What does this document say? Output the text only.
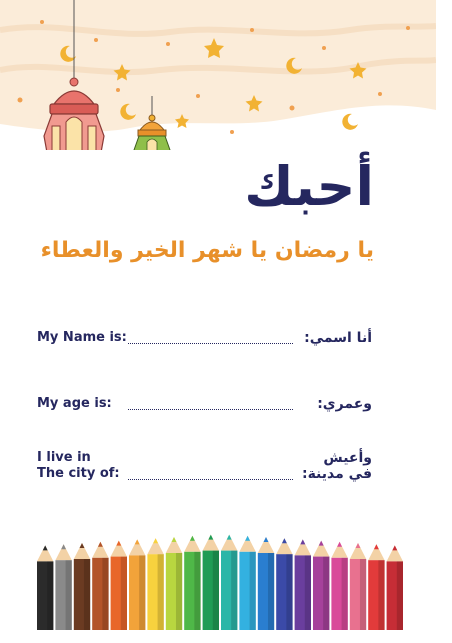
أحبك
يا رمضان يا شهر الخير والعطاء
My Name is:	أنا اسمي:
My age is:	وعمري:
I live in
The city of:
وأعيش
في مدينة:
